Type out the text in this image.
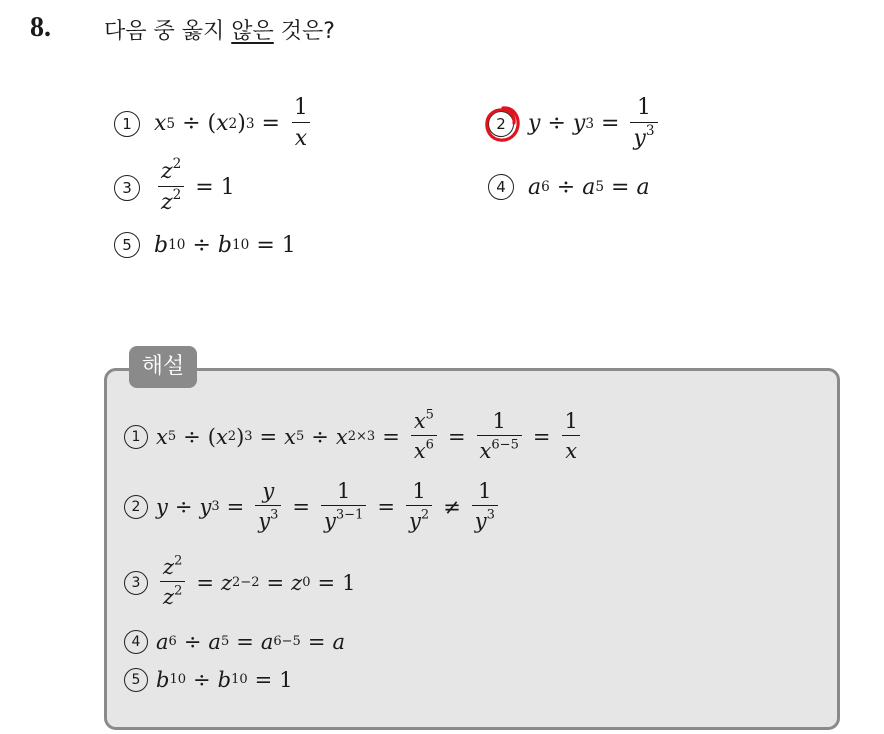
8. 다음 중 옳지 않은 것은?
1	x 5 ÷ ( x 2 ) $3 = \frac{1}{x}$	2	y ÷ y $3 = \frac{1}{y^3}$
3	$\frac{z^2}{z^2} = 1$	4	a 6 ÷ a 5 = a
5	b 10 ÷ b 10 = 1
해설
1 x 5 ÷ ( x 2 ) 3 = x 5 ÷ x $2\times 3 = \frac{x^5}{x^6} = \frac{1}{x^{6-5}} = \frac{1}{x}$
2 y ÷ y $3 = \frac{y}{y^3} = \frac{1}{y^{3-1}} = \frac{1}{y^2} \ne \frac{1}{y^3}$
$3 \frac{z^2}{z^2} = z$ 2−2 = z 0 = 1
4 a 6 ÷ a 5 = a 6−5 = a
5 b 10 ÷ b 10 = 1
